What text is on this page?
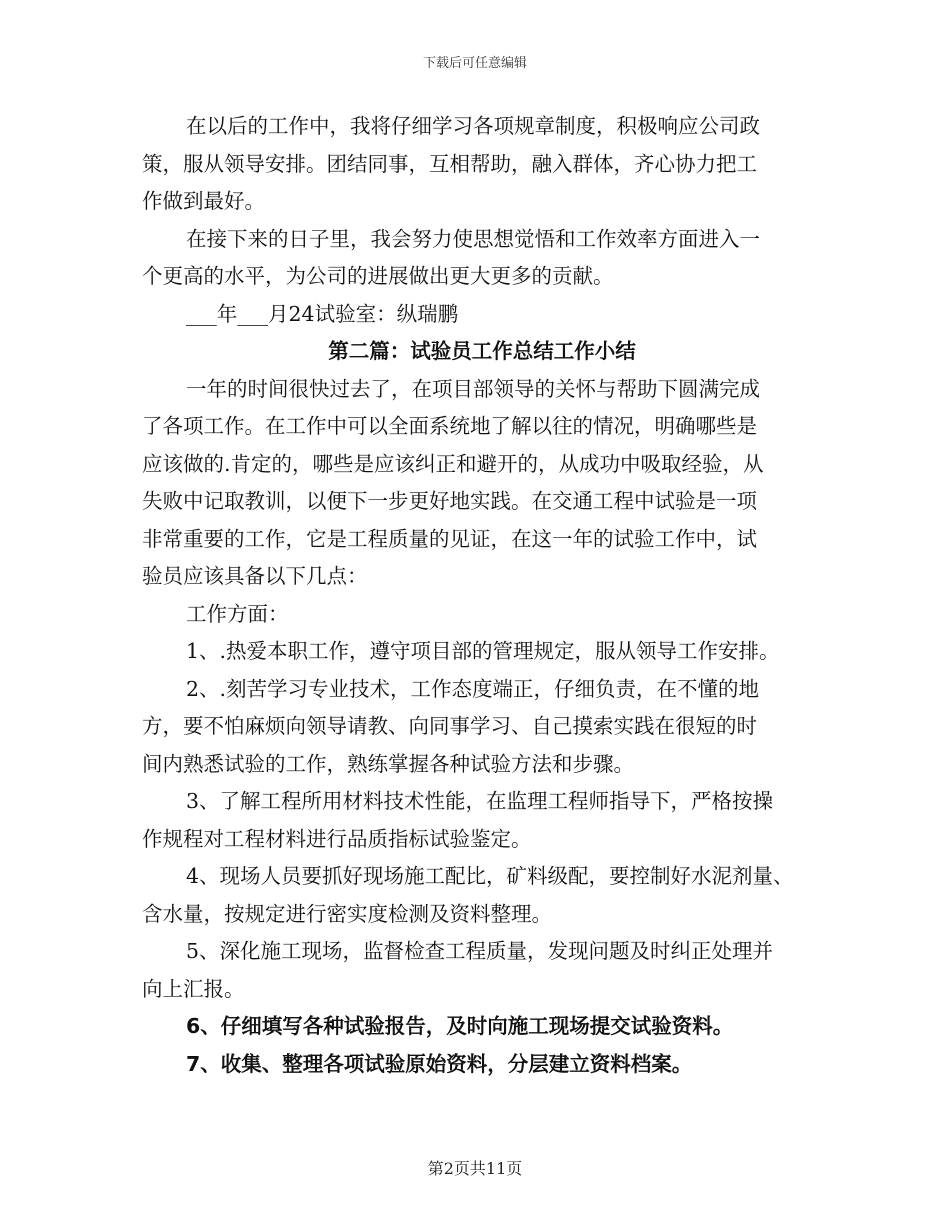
下载后可任意编辑
在以后的工作中，我将仔细学习各项规章制度，积极响应公司政
策，服从领导安排。团结同事，互相帮助，融入群体，齐心协力把工
作做到最好。
在接下来的日子里，我会努力使思想觉悟和工作效率方面进入一
个更高的水平，为公司的进展做出更大更多的贡献。
___年___月24试验室：纵瑞鹏
第二篇：试验员工作总结工作小结
一年的时间很快过去了，在项目部领导的关怀与帮助下圆满完成
了各项工作。在工作中可以全面系统地了解以往的情况，明确哪些是
应该做的.肯定的，哪些是应该纠正和避开的，从成功中吸取经验，从
失败中记取教训，以便下一步更好地实践。在交通工程中试验是一项
非常重要的工作，它是工程质量的见证，在这一年的试验工作中，试
验员应该具备以下几点：
工作方面：
1、.热爱本职工作，遵守项目部的管理规定，服从领导工作安排。
2、.刻苦学习专业技术，工作态度端正，仔细负责，在不懂的地
方，要不怕麻烦向领导请教、向同事学习、自己摸索实践在很短的时
间内熟悉试验的工作，熟练掌握各种试验方法和步骤。
3、了解工程所用材料技术性能，在监理工程师指导下，严格按操
作规程对工程材料进行品质指标试验鉴定。
4、现场人员要抓好现场施工配比，矿料级配，要控制好水泥剂量、
含水量，按规定进行密实度检测及资料整理。
5、深化施工现场，监督检查工程质量，发现问题及时纠正处理并
向上汇报。
6、仔细填写各种试验报告，及时向施工现场提交试验资料。
7、收集、整理各项试验原始资料，分层建立资料档案。
第2页共11页
